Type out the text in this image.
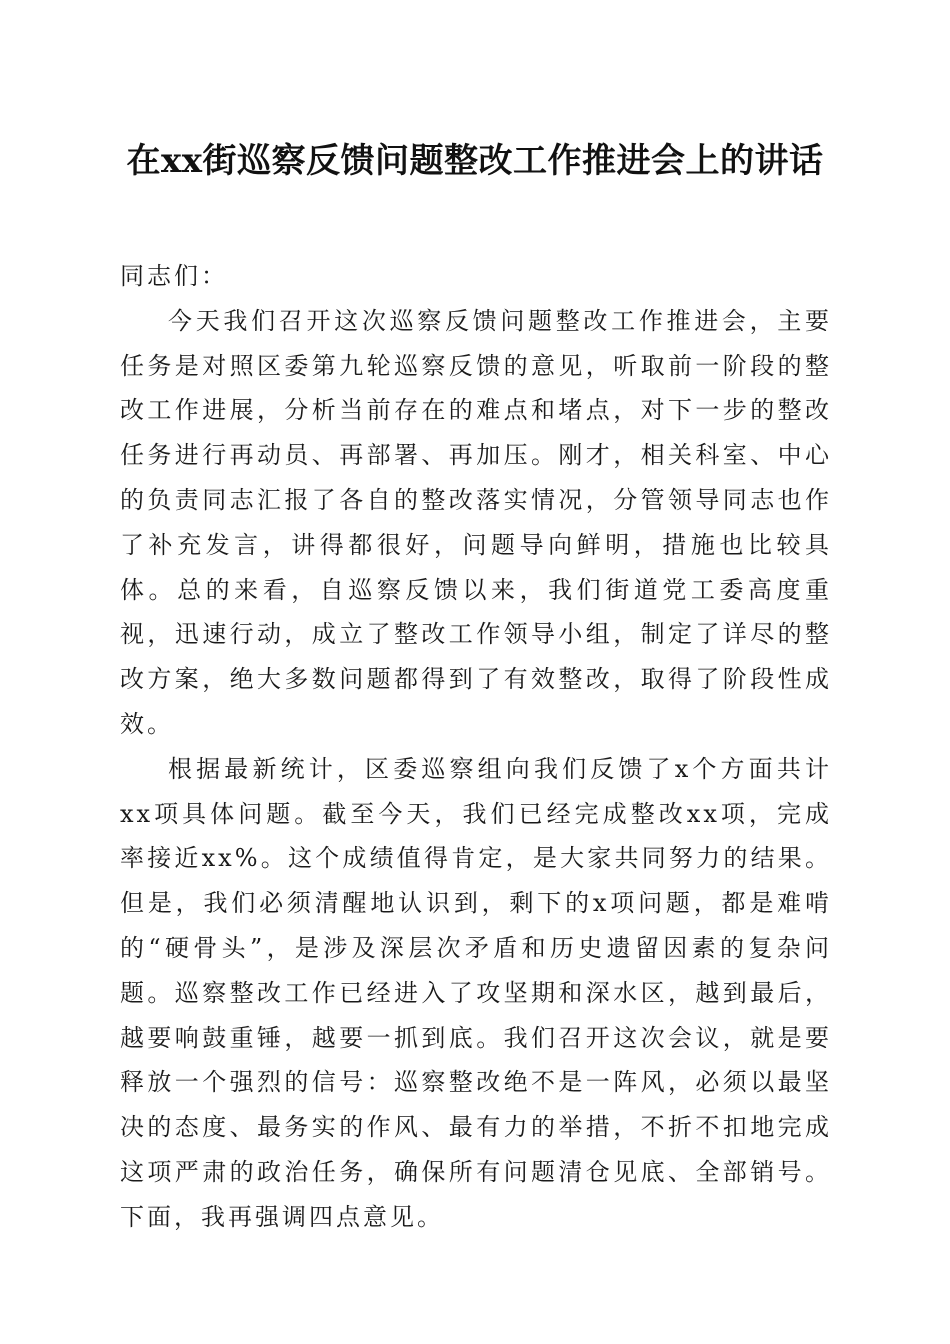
在xx街巡察反馈问题整改工作推进会上的讲话

同志们：

今天我们召开这次巡察反馈问题整改工作推进会，主要任务是对照区委第九轮巡察反馈的意见，听取前一阶段的整改工作进展，分析当前存在的难点和堵点，对下一步的整改任务进行再动员、再部署、再加压。刚才，相关科室、中心的负责同志汇报了各自的整改落实情况，分管领导同志也作了补充发言，讲得都很好，问题导向鲜明，措施也比较具体。总的来看，自巡察反馈以来，我们街道党工委高度重视，迅速行动，成立了整改工作领导小组，制定了详尽的整改方案，绝大多数问题都得到了有效整改，取得了阶段性成效。

根据最新统计，区委巡察组向我们反馈了x个方面共计xx项具体问题。截至今天，我们已经完成整改xx项，完成率接近xx%。这个成绩值得肯定，是大家共同努力的结果。但是，我们必须清醒地认识到，剩下的x项问题，都是难啃的“硬骨头”，是涉及深层次矛盾和历史遗留因素的复杂问题。巡察整改工作已经进入了攻坚期和深水区，越到最后，越要响鼓重锤，越要一抓到底。我们召开这次会议，就是要释放一个强烈的信号：巡察整改绝不是一阵风，必须以最坚决的态度、最务实的作风、最有力的举措，不折不扣地完成这项严肃的政治任务，确保所有问题清仓见底、全部销号。下面，我再强调四点意见。
